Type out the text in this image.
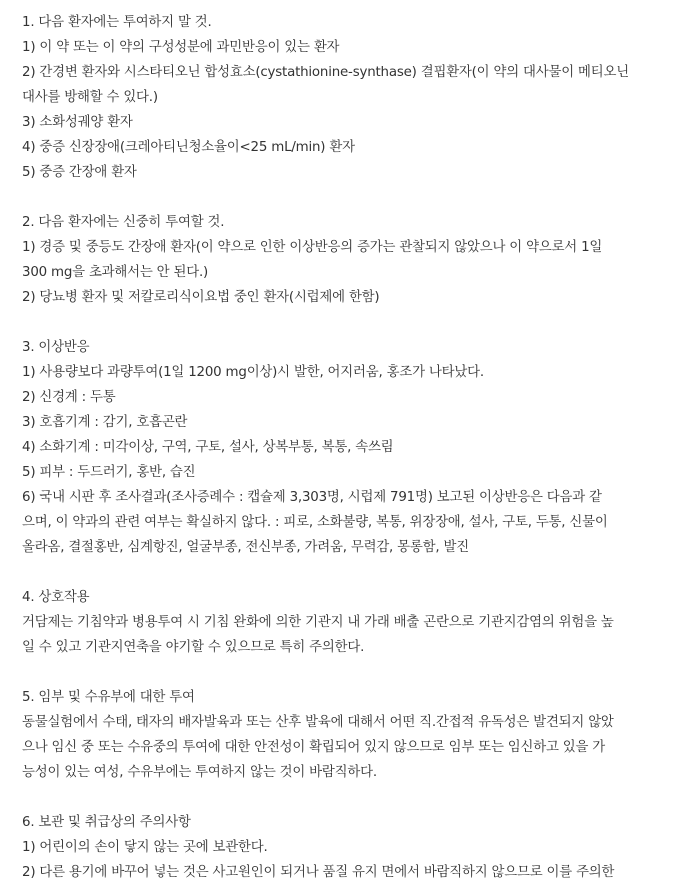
1. 다음 환자에는 투여하지 말 것.
1) 이 약 또는 이 약의 구성성분에 과민반응이 있는 환자
2) 간경변 환자와 시스타티오닌 합성효소(cystathionine-synthase) 결핍환자(이 약의 대사물이 메티오닌
대사를 방해할 수 있다.)
3) 소화성궤양 환자
4) 중증 신장장애(크레아티닌청소율이<25 mL/min) 환자
5) 중증 간장애 환자
2. 다음 환자에는 신중히 투여할 것.
1) 경증 및 중등도 간장애 환자(이 약으로 인한 이상반응의 증가는 관찰되지 않았으나 이 약으로서 1일
300 mg을 초과해서는 안 된다.)
2) 당뇨병 환자 및 저칼로리식이요법 중인 환자(시럽제에 한함)
3. 이상반응
1) 사용량보다 과량투여(1일 1200 mg이상)시 발한, 어지러움, 홍조가 나타났다.
2) 신경계 : 두통
3) 호흡기계 : 감기, 호흡곤란
4) 소화기계 : 미각이상, 구역, 구토, 설사, 상복부통, 복통, 속쓰림
5) 피부 : 두드러기, 홍반, 습진
6) 국내 시판 후 조사결과(조사증례수 : 캡슐제 3,303명, 시럽제 791명) 보고된 이상반응은 다음과 같
으며, 이 약과의 관련 여부는 확실하지 않다. : 피로, 소화불량, 복통, 위장장애, 설사, 구토, 두통, 신물이
올라옴, 결절홍반, 심계항진, 얼굴부종, 전신부종, 가려움, 무력감, 몽롱함, 발진
4. 상호작용
거담제는 기침약과 병용투여 시 기침 완화에 의한 기관지 내 가래 배출 곤란으로 기관지감염의 위험을 높
일 수 있고 기관지연축을 야기할 수 있으므로 특히 주의한다.
5. 임부 및 수유부에 대한 투여
동물실험에서 수태, 태자의 배자발육과 또는 산후 발육에 대해서 어떤 직.간접적 유독성은 발견되지 않았
으나 임신 중 또는 수유중의 투여에 대한 안전성이 확립되어 있지 않으므로 임부 또는 임신하고 있을 가
능성이 있는 여성, 수유부에는 투여하지 않는 것이 바람직하다.
6. 보관 및 취급상의 주의사항
1) 어린이의 손이 닿지 않는 곳에 보관한다.
2) 다른 용기에 바꾸어 넣는 것은 사고원인이 되거나 품질 유지 면에서 바람직하지 않으므로 이를 주의한
